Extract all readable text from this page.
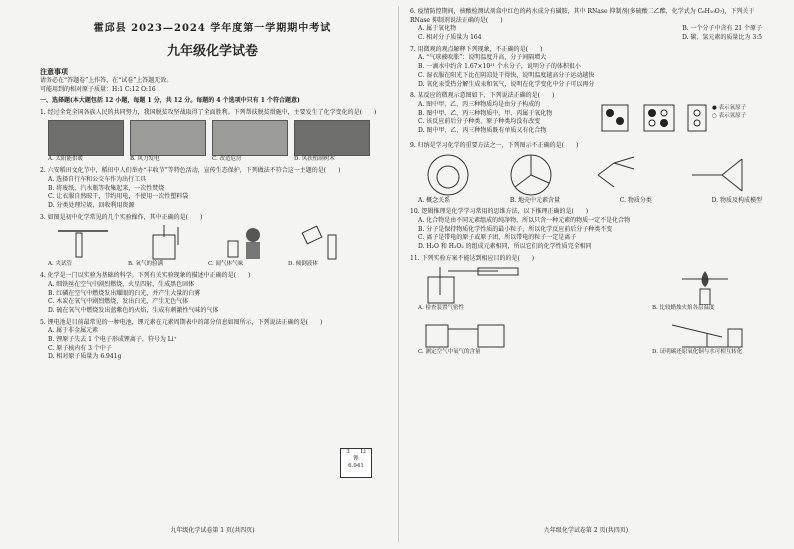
霍邱县 2023—2024 学年度第一学期期中考试
九年级化学试卷
注意事项
请务必在“答题卷”上作答，在“试卷”上答题无效。
可能用到的相对原子质量：H:1 C:12 O:16
一、选择题(本大题包括 12 小题，每题 1 分，共 12 分。每题的 4 个选项中只有 1 个符合题意)
1. 经过全党全国各族人民的共同努力，我国脱贫攻坚战取得了全面胜利。下列帮扶脱贫措施中，主要发生了化学变化的是(　　)
A. 太阳能供暖	B. 风力发电	C. 改造危房	D. 风扶植制树木
2. 六安稻田文化节中，稻田中人们举办“丰收节”等特色活动，宣传生态保护，下列做法不符合这一主题的是(　　)
A. 选择自行车和公交车作为出行工具
B. 将废纸、汽水瓶等收集起来，一次性焚烧
C. 让衣服自然晾干，节约用电，不使用一次性塑料袋
D. 分类处理垃圾，回收利用资源
3. 如图是初中化学常见的几个实验操作，其中正确的是(　　)
A. 夹试管	B. 氧气的验满	C. 闻气体气味	D. 倾倒液体
4. 化学是一门以实验为基础的科学。下列有关实验现象的描述中正确的是(　　)
A. 细铁丝在空气中剧烈燃烧，火星四射，生成黑色固体
B. 红磷在空气中燃烧发出耀眼的白光，并产生大量的白雾
C. 木炭在氧气中剧烈燃烧，发出白光，产生无色气体
D. 硫在氧气中燃烧发出蓝紫色的火焰，生成有刺激性气味的气体
5. 锂电池是目前最常见的一种电池，锂元素在元素周期表中的部分信息如图所示，下列说法正确的是(　　)
A. 属于非金属元素
B. 锂原子失去 1 个电子形成锂离子，符号为 Li⁺
C. 原子核内有 3 个中子
D. 相对原子质量为 6.941g
3 Li
锂
6.941
九年级化学试卷第 1 页(共四页)
6. 疫情防控期间，核酸检测试剂盒中红色的药水成分有磺胺，其中 RNase 抑制剂(多硫酸二乙酯，化学式为 C₆H₁₀O₇)，下列关于 RNase 抑制剂说法正确的是(　　)
A. 属于氧化物	B. 一个分子中含有 21 个原子
C. 相对分子质量为 164	D. 碳、氢元素的质量比为 3:5
7. 用微观的观点解释下列现象，不正确的是(　　)
A. “气球被吹胀”：说明温度升高，分子间隔增大
B. 一滴水中约含 1.67×10²¹ 个水分子，说明分子的体积很小
C. 湿衣服在阳光下比在阴凉处干得快，说明温度越高分子运动越快
D. 氧化汞受热分解生成汞和氧气，说明在化学变化中分子可以再分
8. 某反应的微观示意图如下，下列说法正确的是(　　)
A. 图中甲、乙、丙三种物质均是由分子构成的
B. 图中甲、乙、丙三种物质中，甲、丙属于氧化物
C. 该反应前后分子种类、原子种类均没有改变
D. 图中甲、乙、丙三种物质既有单质又有化合物
● 表示氧原子
○ 表示氢原子
9. 归纳是学习化学的重要方法之一，下列图示不正确的是(　　)
A. 概念关系	B. 地壳中元素含量	C. 物质分类	D. 物质及构成模型
10. 逻辑推理是化学学习常用的思维方法，以下推理正确的是(　　)
A. 化合物是由不同元素组成的纯净物，所以只含一种元素的物质一定不是化合物
B. 分子是保持物质化学性质的最小粒子，所以化学反应前后分子种类不变
C. 离子是带电的原子或原子团，所以带电的粒子一定是离子
D. H₂O 和 H₂O₂ 的组成元素相同，所以它们的化学性质完全相同
11. 下列实验方案不能达到相应目的的是(　　)
A. 检查装置气密性	B. 比较蜡烛火焰各层温度
C. 测定空气中氧气的含量	D. 证明碳还原氧化铜与水可相互转化
九年级化学试卷第 2 页(共四页)
